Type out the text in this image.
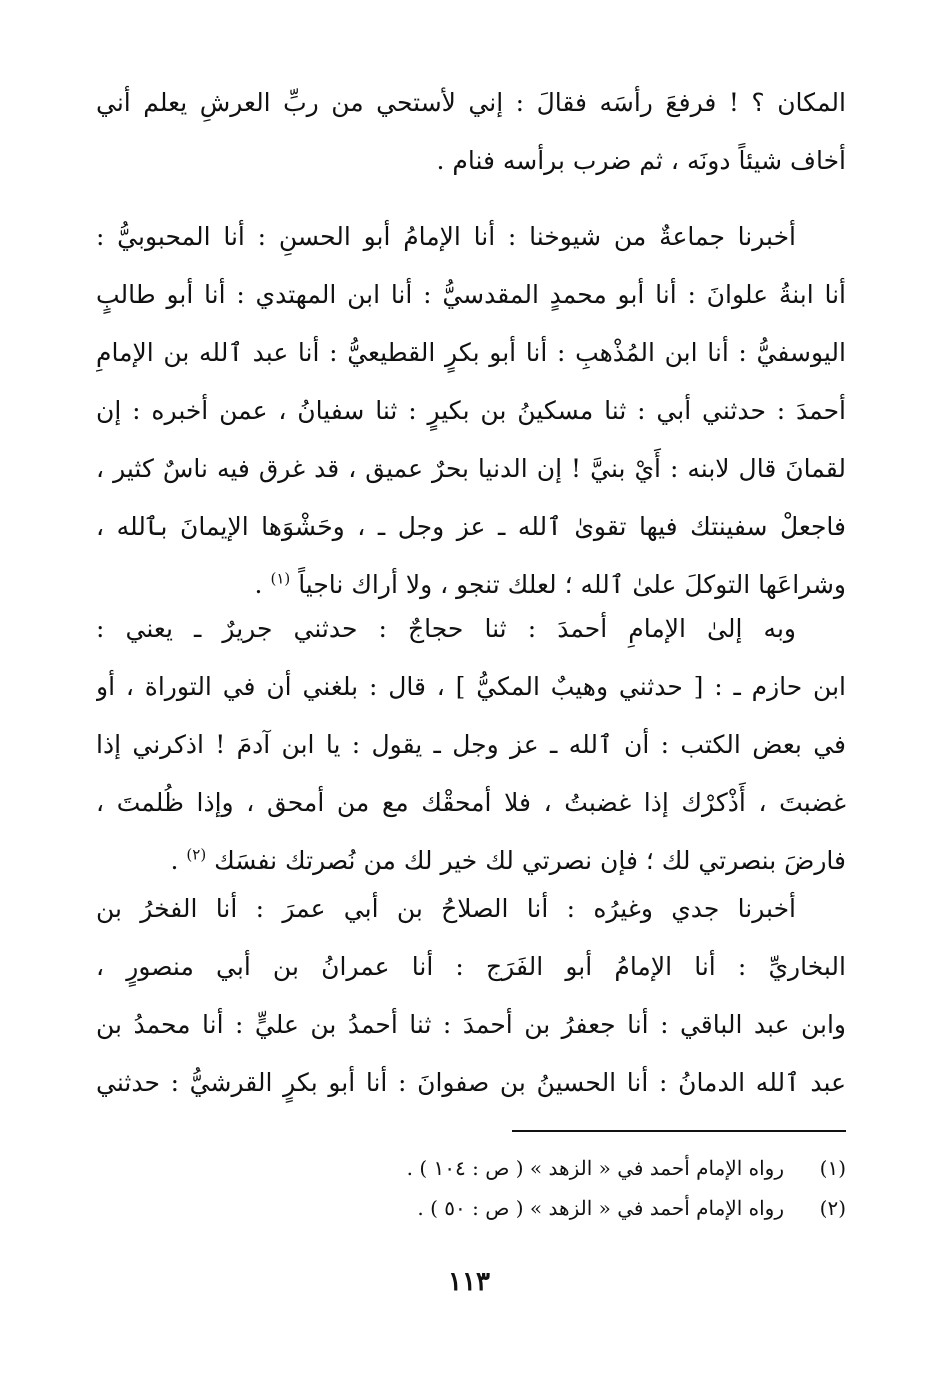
المكان ؟ ! فرفعَ رأسَه فقالَ : إني لأستحي من ربِّ العرشِ يعلم أني
أخاف شيئاً دونَه ، ثم ضرب برأسه فنام .
أخبرنا جماعةٌ من شيوخنا : أنا الإمامُ أبو الحسنِ : أنا المحبوبيُّ :
أنا ابنةُ علوانَ : أنا أبو محمدٍ المقدسيُّ : أنا ابن المهتدي : أنا أبو طالبٍ
اليوسفيُّ : أنا ابن المُذْهبِ : أنا أبو بكرٍ القطيعيُّ : أنا عبد ٱلله بن الإمامِ
أحمدَ : حدثني أبي : ثنا مسكينُ بن بكيرٍ : ثنا سفيانُ ، عمن أخبره : إن
لقمانَ قال لابنه : أَيْ بنيَّ ! إن الدنيا بحرٌ عميق ، قد غرق فيه ناسٌ كثير ،
فاجعلْ سفينتك فيها تقوىٰ ٱلله ـ عز وجل ـ ، وحَشْوَها الإيمانَ بٱلله ،
وشراعَها التوكلَ علىٰ ٱلله ؛ لعلك تنجو ، ولا أراك ناجياً $^{(١)}$ .
وبه إلىٰ الإمامِ أحمدَ : ثنا حجاجٌ : حدثني جريرٌ ـ يعني :
ابن حازم ـ : [ حدثني وهيبٌ المكيُّ ] ، قال : بلغني أن في التوراة ، أو
في بعض الكتب : أن ٱلله ـ عز وجل ـ يقول : يا ابن آدمَ ! اذكرني إذا
غضبتَ ، أَذْكرْك إذا غضبتُ ، فلا أمحقْك مع من أمحق ، وإذا ظُلمتَ ،
فارضَ بنصرتي لك ؛ فإن نصرتي لك خير لك من نُصرتك نفسَك $^{(٢)}$ .
أخبرنا جدي وغيرُه : أنا الصلاحُ بن أبي عمرَ : أنا الفخرُ بن
البخاريِّ : أنا الإمامُ أبو الفَرَج : أنا عمرانُ بن أبي منصورٍ ،
وابن عبد الباقي : أنا جعفرُ بن أحمدَ : ثنا أحمدُ بن عليٍّ : أنا محمدُ بن
عبد ٱلله الدمانُ : أنا الحسينُ بن صفوانَ : أنا أبو بكرٍ القرشيُّ : حدثني
(١)رواه الإمام أحمد في « الزهد » ( ص : ١٠٤ ) .
(٢)رواه الإمام أحمد في « الزهد » ( ص : ٥٠ ) .
١١٣
